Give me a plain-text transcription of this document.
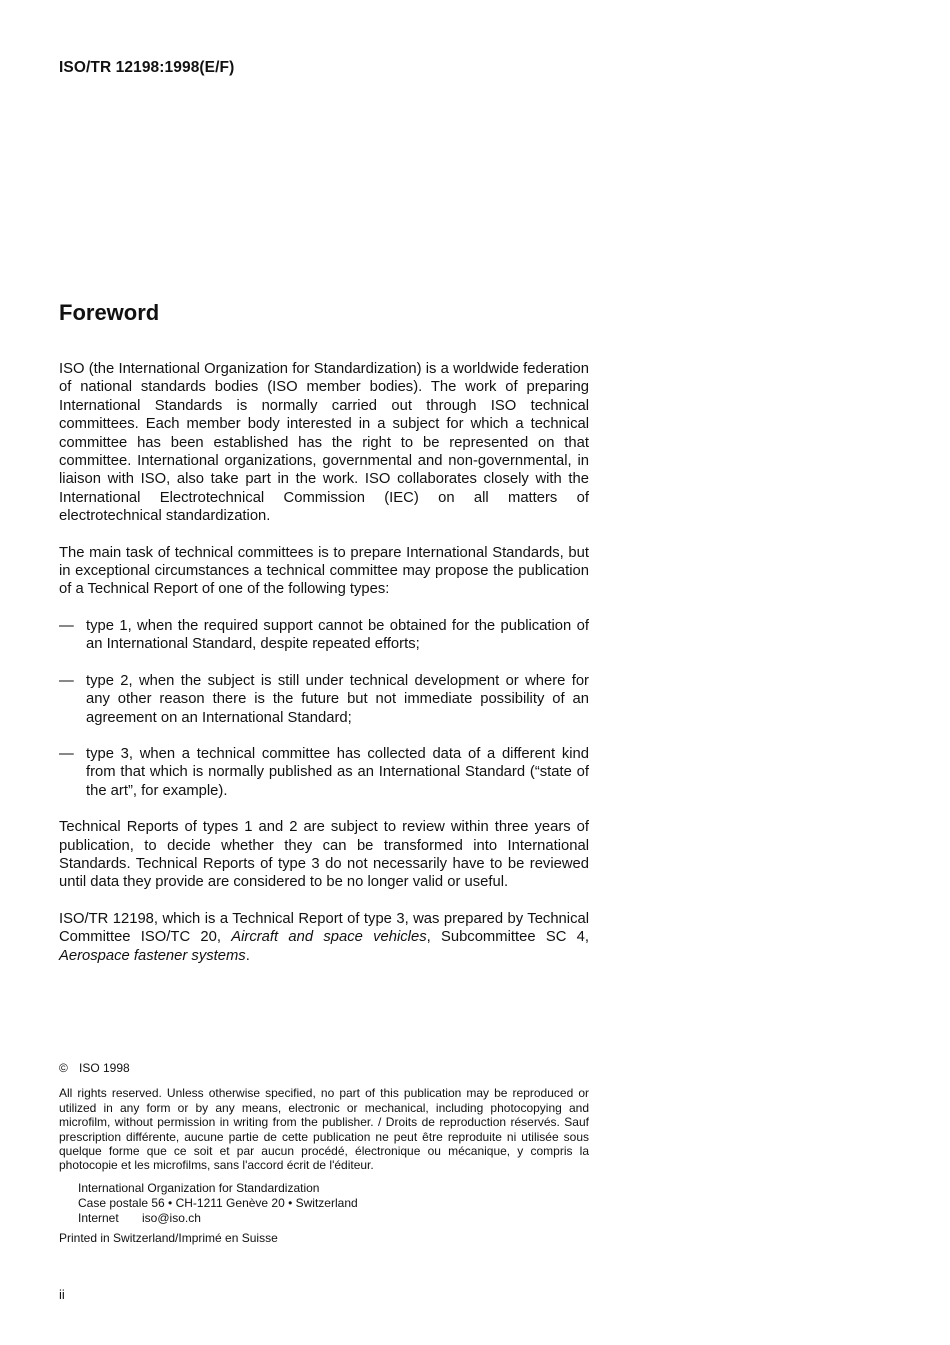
ISO/TR 12198:1998(E/F)
Foreword

ISO (the International Organization for Standardization) is a worldwide federation of national standards bodies (ISO member bodies). The work of preparing International Standards is normally carried out through ISO technical committees. Each member body interested in a subject for which a technical committee has been established has the right to be represented on that committee. International organizations, governmental and non-governmental, in liaison with ISO, also take part in the work. ISO collaborates closely with the International Electrotechnical Commission (IEC) on all matters of electrotechnical standardization.

The main task of technical committees is to prepare International Standards, but in exceptional circumstances a technical committee may propose the publication of a Technical Report of one of the following types:

— type 1, when the required support cannot be obtained for the publication of an International Standard, despite repeated efforts;
— type 2, when the subject is still under technical development or where for any other reason there is the future but not immediate possibility of an agreement on an International Standard;
— type 3, when a technical committee has collected data of a different kind from that which is normally published as an International Standard (“state of the art”, for example).

Technical Reports of types 1 and 2 are subject to review within three years of publication, to decide whether they can be transformed into International Standards. Technical Reports of type 3 do not necessarily have to be reviewed until data they provide are considered to be no longer valid or useful.

ISO/TR 12198, which is a Technical Report of type 3, was prepared by Technical Committee ISO/TC 20, Aircraft and space vehicles, Subcommittee SC 4, Aerospace fastener systems.

© ISO 1998
All rights reserved. Unless otherwise specified, no part of this publication may be reproduced or utilized in any form or by any means, electronic or mechanical, including photocopying and microfilm, without permission in writing from the publisher. / Droits de reproduction réservés. Sauf prescription différente, aucune partie de cette publication ne peut être reproduite ni utilisée sous quelque forme que ce soit et par aucun procédé, électronique ou mécanique, y compris la photocopie et les microfilms, sans l'accord écrit de l'éditeur.
International Organization for Standardization
Case postale 56 • CH-1211 Genève 20 • Switzerland
Internet iso@iso.ch
Printed in Switzerland/Imprimé en Suisse
ii
